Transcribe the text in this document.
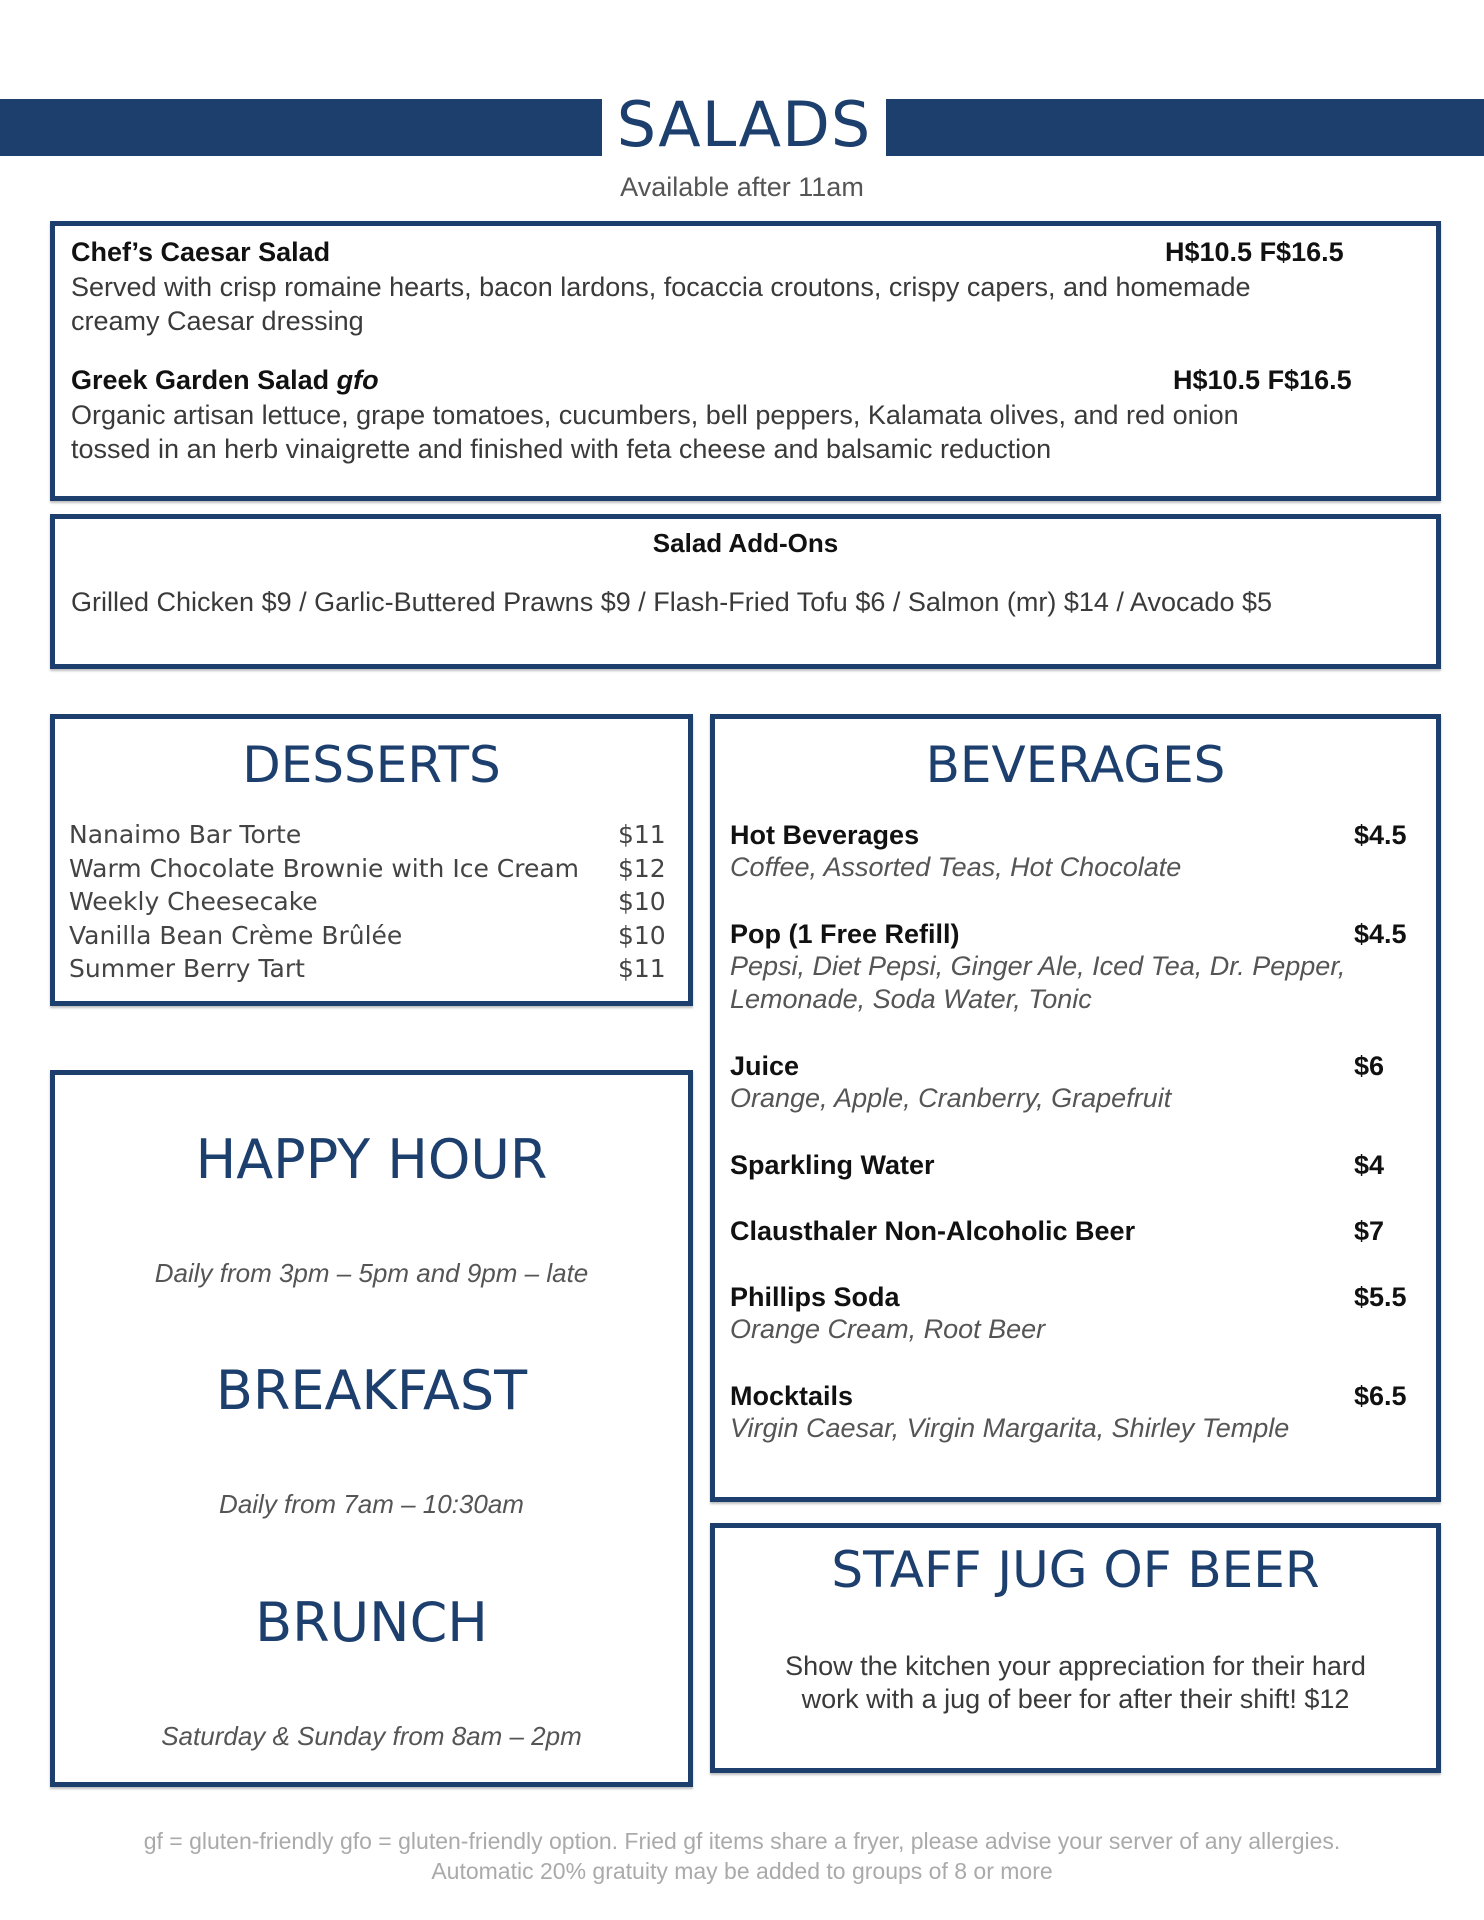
SALADS
Available after 11am
Chef’s Caesar Salad	H$10.5 F$16.5
Served with crisp romaine hearts, bacon lardons, focaccia croutons, crispy capers, and homemade
creamy Caesar dressing
Greek Garden Salad gfo	H$10.5 F$16.5
Organic artisan lettuce, grape tomatoes, cucumbers, bell peppers, Kalamata olives, and red onion
tossed in an herb vinaigrette and finished with feta cheese and balsamic reduction
Salad Add-Ons
Grilled Chicken $9 / Garlic-Buttered Prawns $9 / Flash-Fried Tofu $6 / Salmon (mr) $14 / Avocado $5
DESSERTS
Nanaimo Bar Torte	$11
Warm Chocolate Brownie with Ice Cream $12
Weekly Cheesecake	$10
Vanilla Bean Crème Brûlée	$10
Summer Berry Tart	$11
HAPPY HOUR
Daily from 3pm – 5pm and 9pm – late
BREAKFAST
Daily from 7am – 10:30am
BRUNCH
Saturday & Sunday from 8am – 2pm
BEVERAGES
Hot Beverages	$4.5
Coffee, Assorted Teas, Hot Chocolate
Pop (1 Free Refill)	$4.5
Pepsi, Diet Pepsi, Ginger Ale, Iced Tea, Dr. Pepper,
Lemonade, Soda Water, Tonic
Juice	$6
Orange, Apple, Cranberry, Grapefruit
Sparkling Water	$4
Clausthaler Non-Alcoholic Beer	$7
Phillips Soda	$5.5
Orange Cream, Root Beer
Mocktails	$6.5
Virgin Caesar, Virgin Margarita, Shirley Temple
STAFF JUG OF BEER
Show the kitchen your appreciation for their hard
work with a jug of beer for after their shift! $12
gf = gluten-friendly gfo = gluten-friendly option. Fried gf items share a fryer, please advise your server of any allergies.
Automatic 20% gratuity may be added to groups of 8 or more
